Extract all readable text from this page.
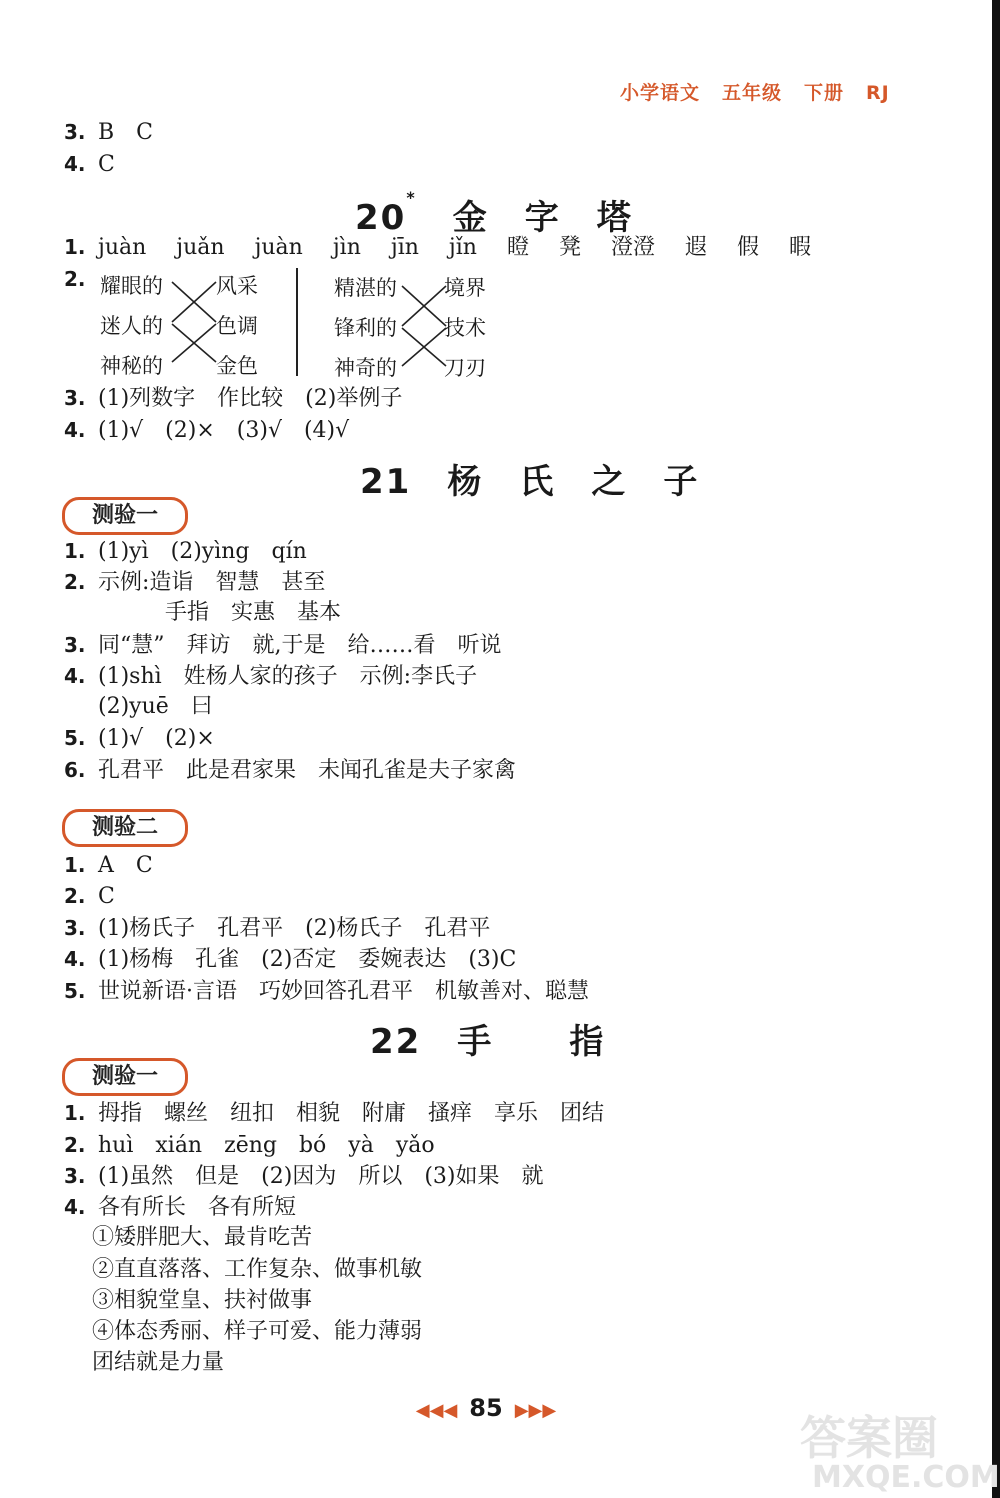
小学语文 五年级 下册 RJ
3. B　C
4. C
20*金 字 塔
1. juàn juǎn juàn jìn jīn jǐn 瞪 凳 澄澄 遐 假 暇
2. 耀眼的
迷人的
神秘的
风采
色调
金色
精湛的
锋利的
神奇的
境界
技术
刀刃
3. (1)列数字　作比较　(2)举例子
4. (1)√　(2)×　(3)√　(4)√
21 杨 氏 之 子
测验一
1. (1)yì　(2)yìng　qín
2. 示例:造诣　智慧　甚至
手指　实惠　基本
3. 同“慧”　拜访　就,于是　给……看　听说
4. (1)shì　姓杨人家的孩子　示例:李氏子
(2)yuē　曰
5. (1)√　(2)×
6. 孔君平　此是君家果　未闻孔雀是夫子家禽
测验二
1. A　C
2. C
3. (1)杨氏子　孔君平　(2)杨氏子　孔君平
4. (1)杨梅　孔雀　(2)否定　委婉表达　(3)C
5. 世说新语·言语　巧妙回答孔君平　机敏善对、聪慧
22 手 指
测验一
1. 拇指　螺丝　纽扣　相貌　附庸　搔痒　享乐　团结
2. huì　xián　zēng　bó　yà　yǎo
3. (1)虽然　但是　(2)因为　所以　(3)如果　就
4. 各有所长　各有所短
①矮胖肥大、最肯吃苦
②直直落落、工作复杂、做事机敏
③相貌堂皇、扶衬做事
④体态秀丽、样子可爱、能力薄弱
团结就是力量
◀◀◀ 85 ▶▶▶
答案圈
MXQE.COM
